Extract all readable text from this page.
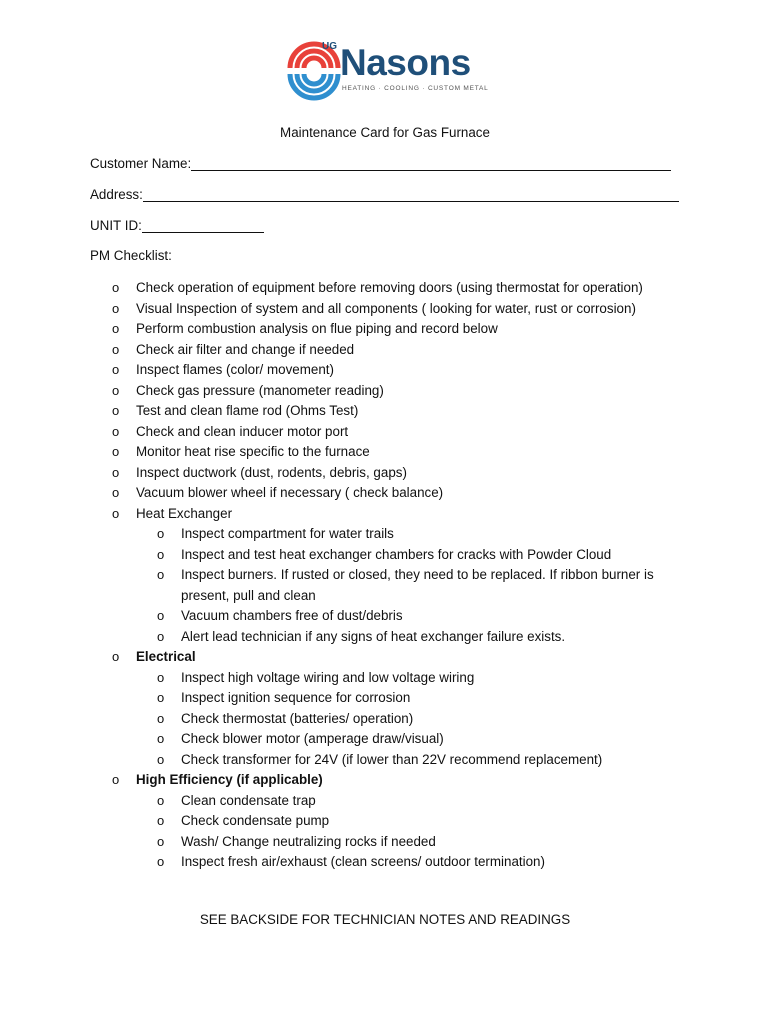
UG Nasons
HEATING · COOLING · CUSTOM METAL
Maintenance Card for Gas Furnace
Customer Name:
Address:
UNIT ID:
PM Checklist:
o Check operation of equipment before removing doors (using thermostat for operation)
o Visual Inspection of system and all components ( looking for water, rust or corrosion)
o Perform combustion analysis on flue piping and record below
o Check air filter and change if needed
o Inspect flames (color/ movement)
o Check gas pressure (manometer reading)
o Test and clean flame rod (Ohms Test)
o Check and clean inducer motor port
o Monitor heat rise specific to the furnace
o Inspect ductwork (dust, rodents, debris, gaps)
o Vacuum blower wheel if necessary ( check balance)
o Heat Exchanger
o Inspect compartment for water trails
o Inspect and test heat exchanger chambers for cracks with Powder Cloud
o Inspect burners. If rusted or closed, they need to be replaced. If ribbon burner is present, pull and clean
o Vacuum chambers free of dust/debris
o Alert lead technician if any signs of heat exchanger failure exists.
o Electrical
o Inspect high voltage wiring and low voltage wiring
o Inspect ignition sequence for corrosion
o Check thermostat (batteries/ operation)
o Check blower motor (amperage draw/visual)
o Check transformer for 24V (if lower than 22V recommend replacement)
o High Efficiency (if applicable)
o Clean condensate trap
o Check condensate pump
o Wash/ Change neutralizing rocks if needed
o Inspect fresh air/exhaust (clean screens/ outdoor termination)
SEE BACKSIDE FOR TECHNICIAN NOTES AND READINGS
